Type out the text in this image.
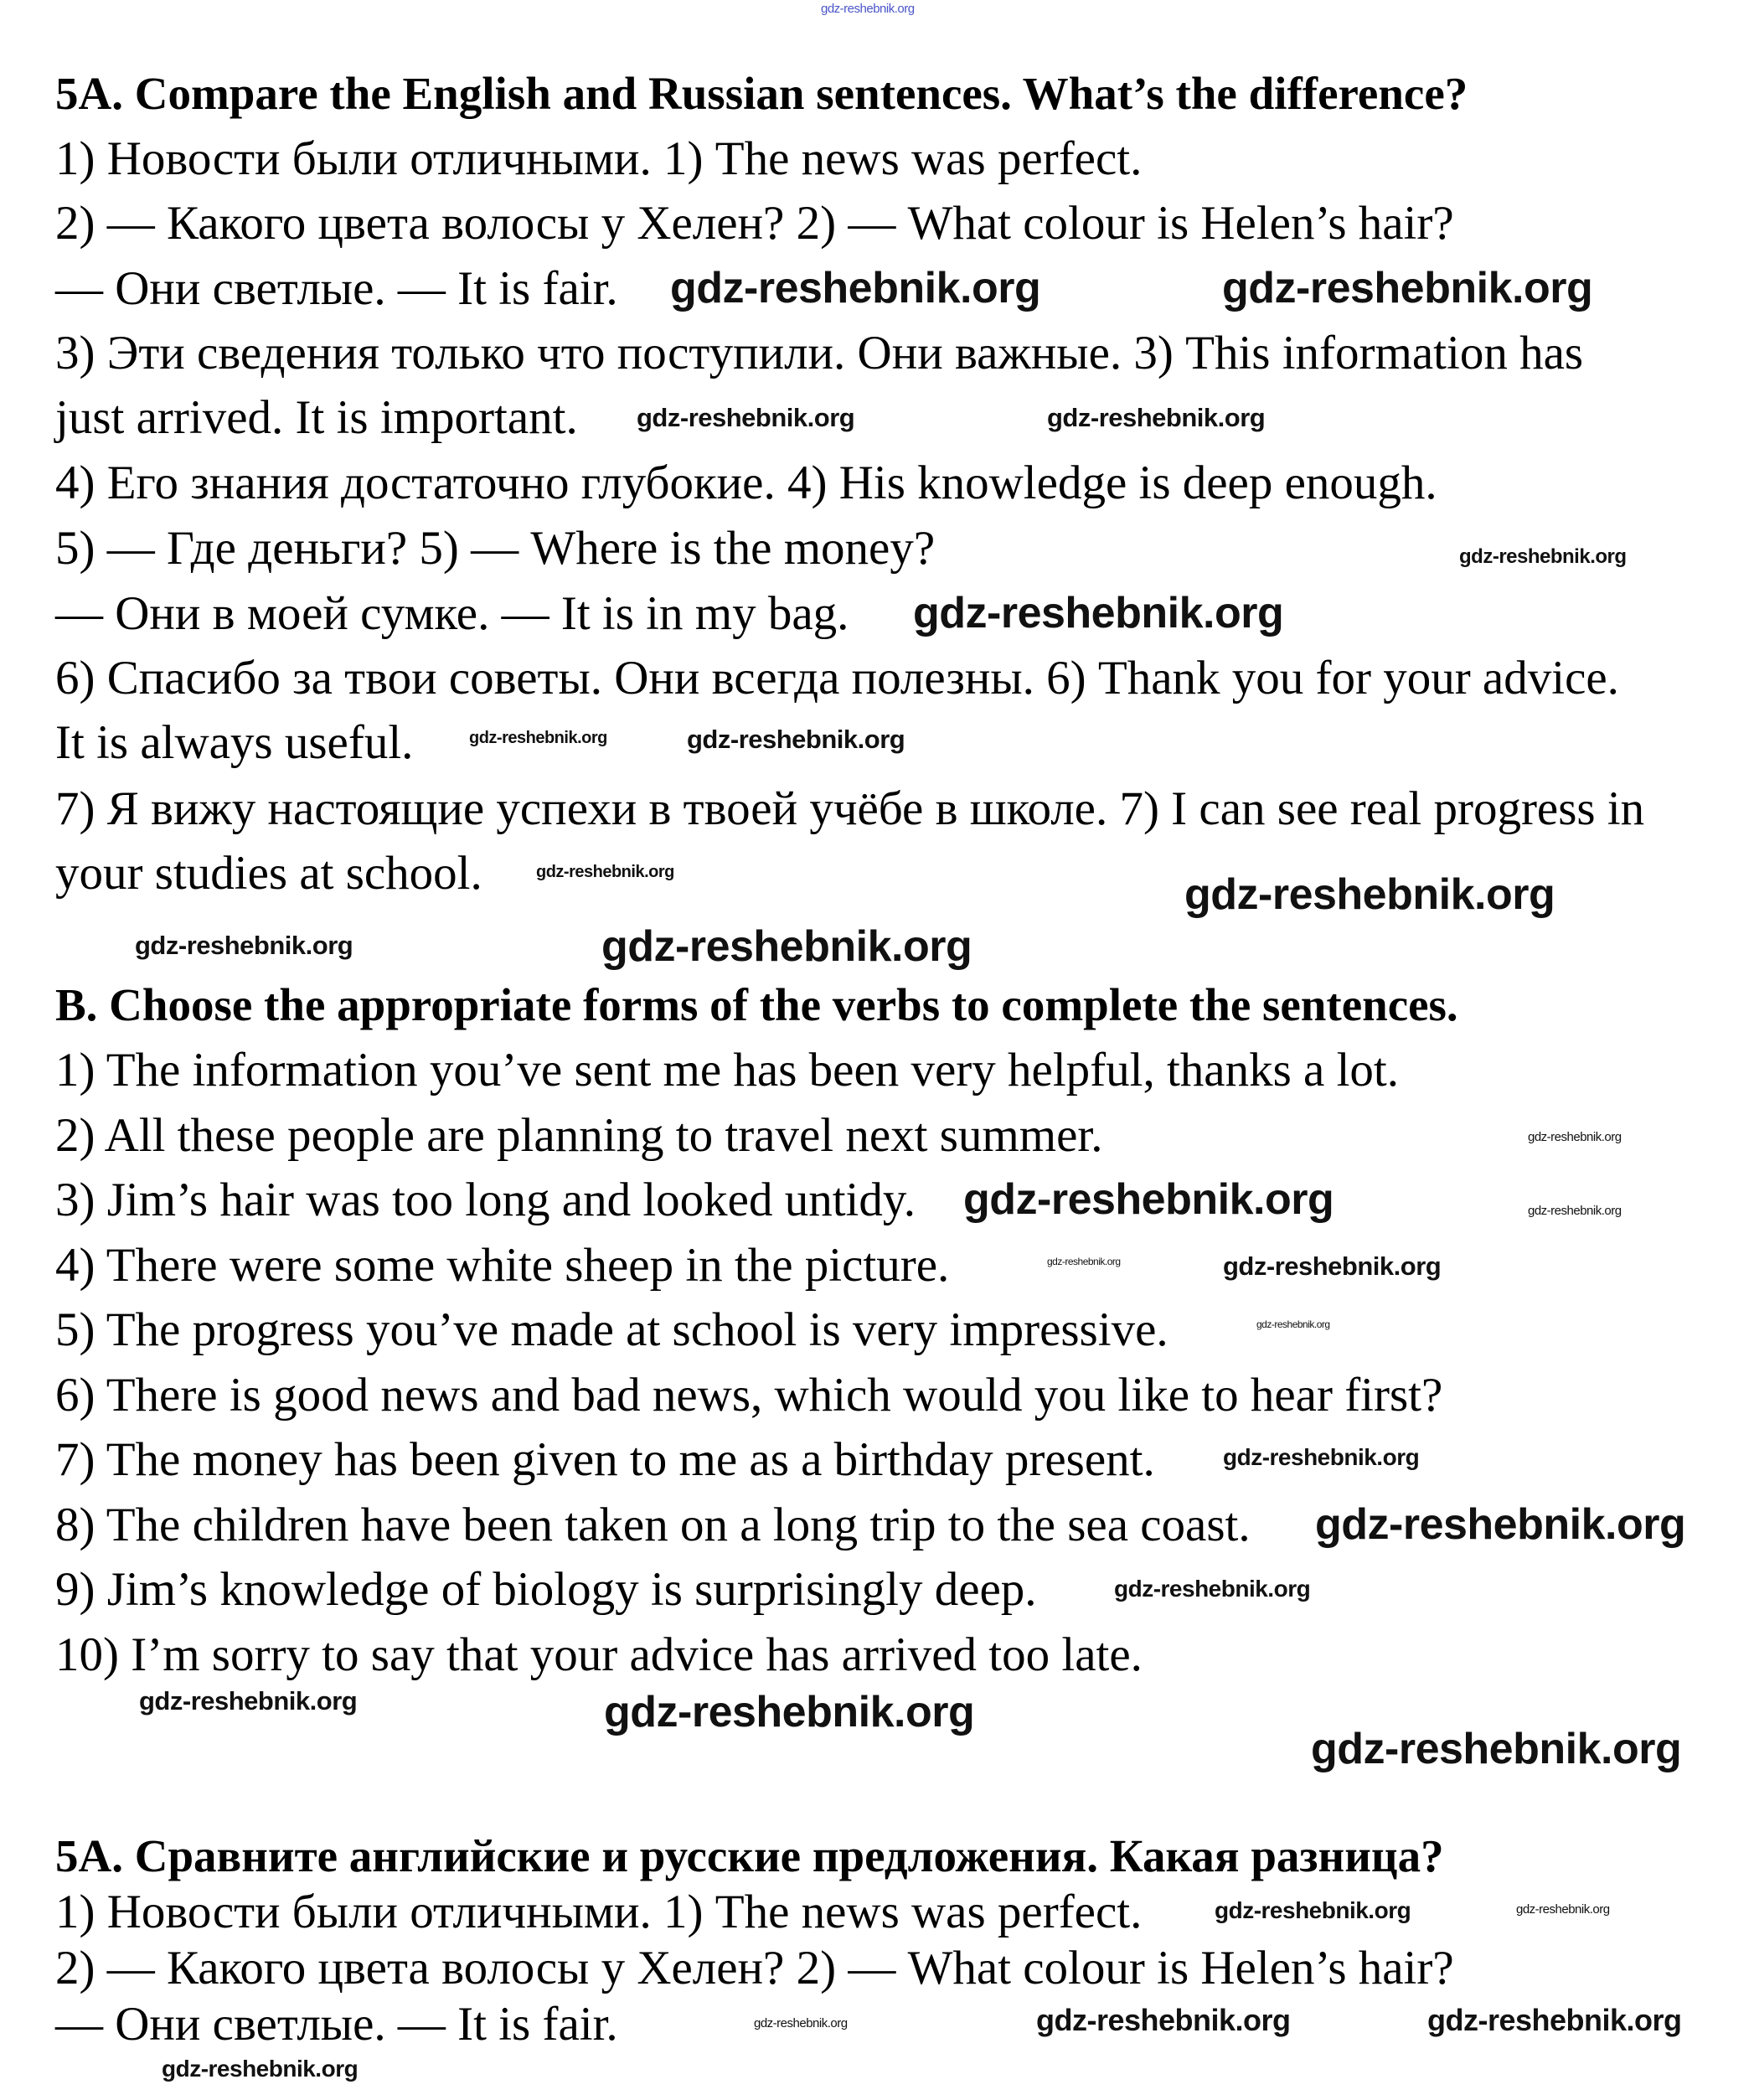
5A. Compare the English and Russian sentences. What’s the difference?
1) Новости были отличными. 1) The news was perfect.
2) — Какого цвета волосы у Хелен? 2) — What colour is Helen’s hair?
— Они светлые. — It is fair.
3) Эти сведения только что поступили. Они важные. 3) This information has
just arrived. It is important.
4) Его знания достаточно глубокие. 4) His knowledge is deep enough.
5) — Где деньги? 5) — Where is the money?
— Они в моей сумке. — It is in my bag.
6) Спасибо за твои советы. Они всегда полезны. 6) Thank you for your advice.
It is always useful.
7) Я вижу настоящие успехи в твоей учёбе в школе. 7) I can see real progress in
your studies at school.
B. Choose the appropriate forms of the verbs to complete the sentences.
1) The information you’ve sent me has been very helpful, thanks a lot.
2) All these people are planning to travel next summer.
3) Jim’s hair was too long and looked untidy.
4) There were some white sheep in the picture.
5) The progress you’ve made at school is very impressive.
6) There is good news and bad news, which would you like to hear first?
7) The money has been given to me as a birthday present.
8) The children have been taken on a long trip to the sea coast.
9) Jim’s knowledge of biology is surprisingly deep.
10) I’m sorry to say that your advice has arrived too late.
5A. Сравните английские и русские предложения. Какая разница?
1) Новости были отличными. 1) The news was perfect.
2) — Какого цвета волосы у Хелен? 2) — What colour is Helen’s hair?
— Они светлые. — It is fair.
gdz-reshebnik.org
gdz-reshebnik.org
gdz-reshebnik.org	gdz-reshebnik.org
gdz-reshebnik.org
gdz-reshebnik.org
gdz-reshebnik.org
gdz-reshebnik.org	gdz-reshebnik.org
gdz-reshebnik.org	gdz-reshebnik.org
gdz-reshebnik.org	gdz-reshebnik.org
gdz-reshebnik.org
gdz-reshebnik.org
gdz-reshebnik.org
gdz-reshebnik.org
gdz-reshebnik.org
gdz-reshebnik.org
gdz-reshebnik.org
gdz-reshebnik.org
gdz-reshebnik.org
gdz-reshebnik.org	gdz-reshebnik.org
gdz-reshebnik.org
gdz-reshebnik.org	gdz-reshebnik.org
gdz-reshebnik.org
gdz-reshebnik.org	gdz-reshebnik.org	gdz-reshebnik.org
